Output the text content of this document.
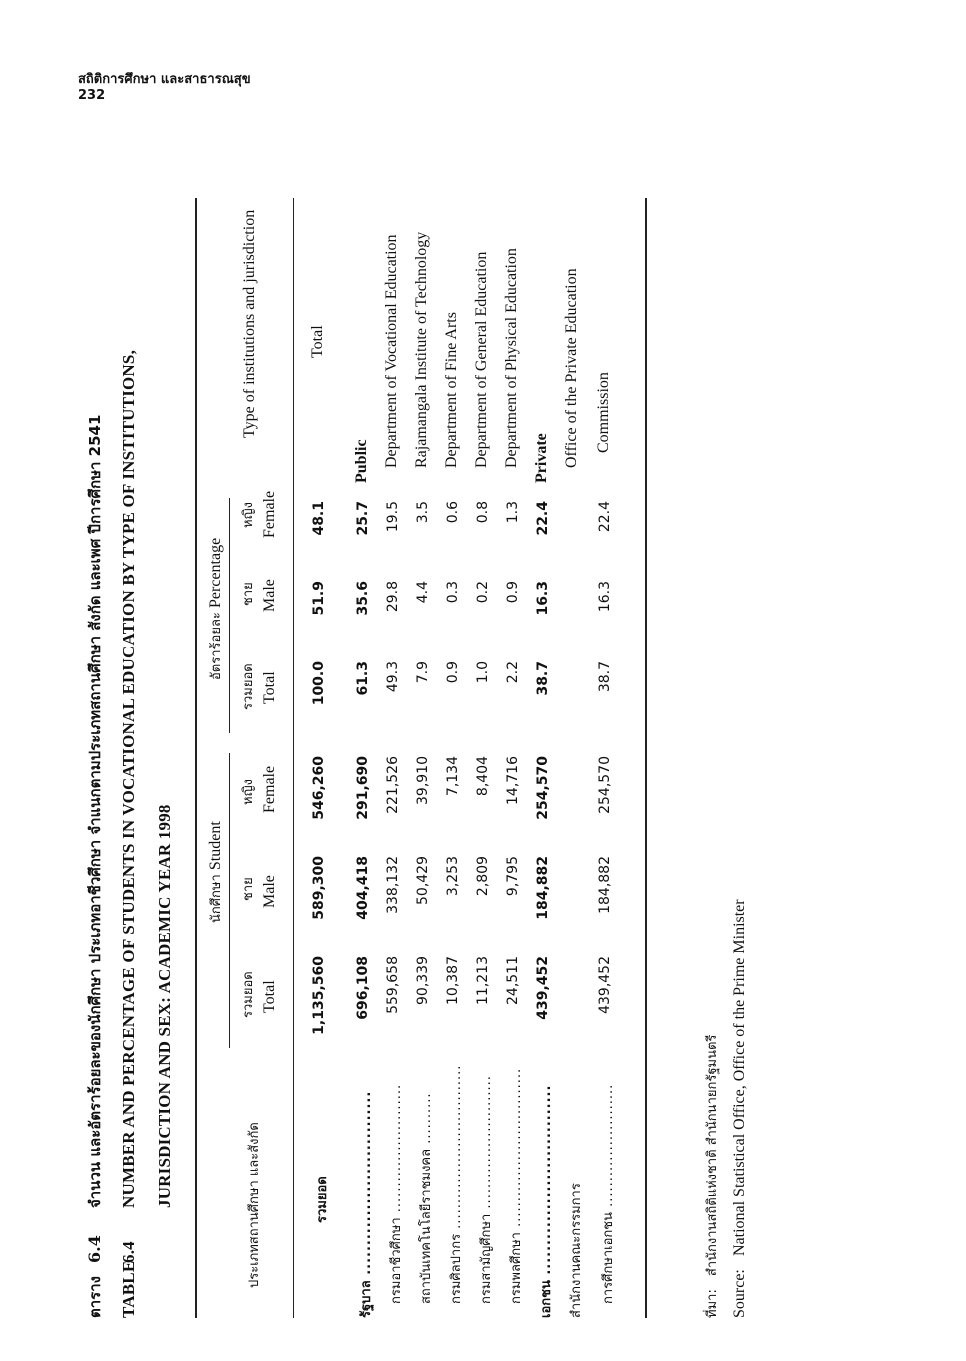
สถิติการศึกษา และสาธารณสุข
232
ตาราง
6.4
จำนวน และอัตราร้อยละของนักศึกษา ประเภทอาชีวศึกษา จำแนกตามประเภทสถานศึกษา สังกัด และเพศ ปีการศึกษา 2541
TABLE
6.4
NUMBER AND PERCENTAGE OF STUDENTS IN VOCATIONAL EDUCATION BY TYPE OF INSTITUTIONS, JURISDICTION AND SEX: ACADEMIC YEAR 1998	ประเภทสถานศึกษา และสังกัด
นักศึกษา Student
อัตราร้อยละ Percentage
รวมยอด Total
ชาย Male
หญิง Female
รวมยอด Total
ชาย Male
หญิง Female
Type of institutions and jurisdiction
รวมยอด
1,135,560
589,300
546,260
100.0
51.9
48.1
Total
รัฐบาล ...............................
696,108
404,418
291,690
61.3
35.6
25.7
Public
กรมอาชีวศึกษา .........................
559,658
338,132
221,526
49.3
29.8
19.5
Department of Vocational Education
สถาบันเทคโนโลยีราชมงคล ..........
90,339
50,429
39,910
7.9
4.4
3.5
Rajamangala Institute of Technology
กรมศิลปากร ................................
10,387
3,253
7,134
0.9
0.3
0.6
Department of Fine Arts
กรมสามัญศึกษา ..........................
11,213
2,809
8,404
1.0
0.2
0.8
Department of General Education
กรมพลศึกษา ...............................
24,511
9,795
14,716
2.2
0.9
1.3
Department of Physical Education
เอกชน ................................
439,452
184,882
254,570
38.7
16.3
22.4
Private
สำนักงานคณะกรรมการ
Office of the Private Education
การศึกษาเอกชน ........................
439,452
184,882
254,570
38.7
16.3
22.4
Commission
ที่มา: สำนักงานสถิติแห่งชาติ สำนักนายกรัฐมนตรี
Source: National Statistical Office, Office of the Prime Minister
